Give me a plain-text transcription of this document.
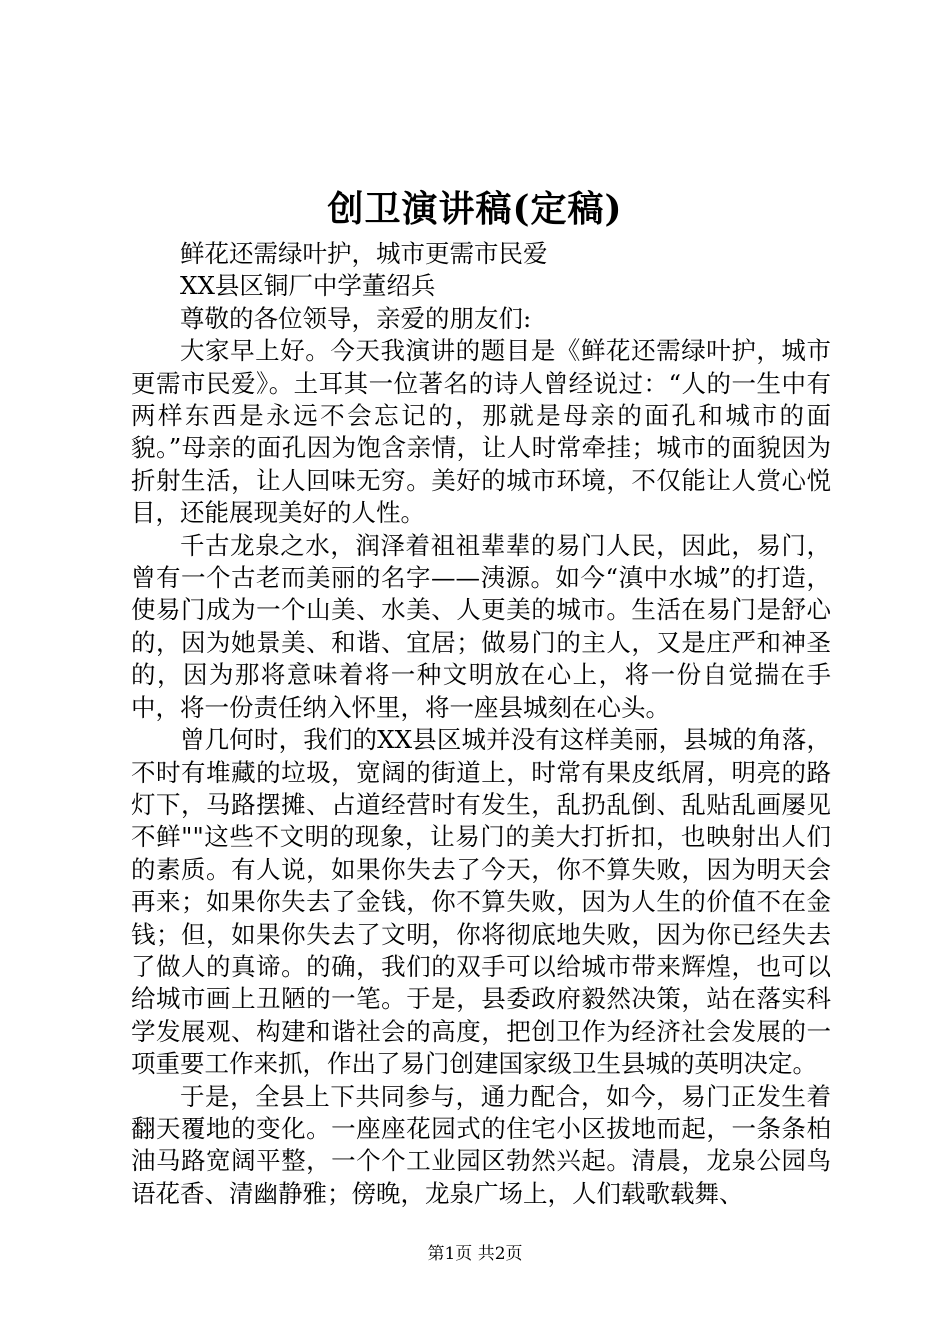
创卫演讲稿(定稿)

鲜花还需绿叶护，城市更需市民爱

XX县区铜厂中学董绍兵

尊敬的各位领导，亲爱的朋友们:

大家早上好。今天我演讲的题目是《鲜花还需绿叶护，城市更需市民爱》。土耳其一位著名的诗人曾经说过：“人的一生中有两样东西是永远不会忘记的，那就是母亲的面孔和城市的面貌。”母亲的面孔因为饱含亲情，让人时常牵挂；城市的面貌因为折射生活，让人回味无穷。美好的城市环境，不仅能让人赏心悦目，还能展现美好的人性。

千古龙泉之水，润泽着祖祖辈辈的易门人民，因此，易门，曾有一个古老而美丽的名字——洟源。如今“滇中水城”的打造，使易门成为一个山美、水美、人更美的城市。生活在易门是舒心的，因为她景美、和谐、宜居；做易门的主人，又是庄严和神圣的，因为那将意味着将一种文明放在心上，将一份自觉揣在手中，将一份责任纳入怀里，将一座县城刻在心头。

曾几何时，我们的XX县区城并没有这样美丽，县城的角落，不时有堆藏的垃圾，宽阔的街道上，时常有果皮纸屑，明亮的路灯下，马路摆摊、占道经营时有发生，乱扔乱倒、乱贴乱画屡见不鲜""这些不文明的现象，让易门的美大打折扣，也映射出人们的素质。有人说，如果你失去了今天，你不算失败，因为明天会再来；如果你失去了金钱，你不算失败，因为人生的价值不在金钱；但，如果你失去了文明，你将彻底地失败，因为你已经失去了做人的真谛。的确，我们的双手可以给城市带来辉煌，也可以给城市画上丑陋的一笔。于是，县委政府毅然决策，站在落实科学发展观、构建和谐社会的高度，把创卫作为经济社会发展的一项重要工作来抓，作出了易门创建国家级卫生县城的英明决定。

于是，全县上下共同参与，通力配合，如今，易门正发生着翻天覆地的变化。一座座花园式的住宅小区拔地而起，一条条柏油马路宽阔平整，一个个工业园区勃然兴起。清晨，龙泉公园鸟语花香、清幽静雅；傍晚，龙泉广场上，人们载歌载舞、

第1页 共2页
